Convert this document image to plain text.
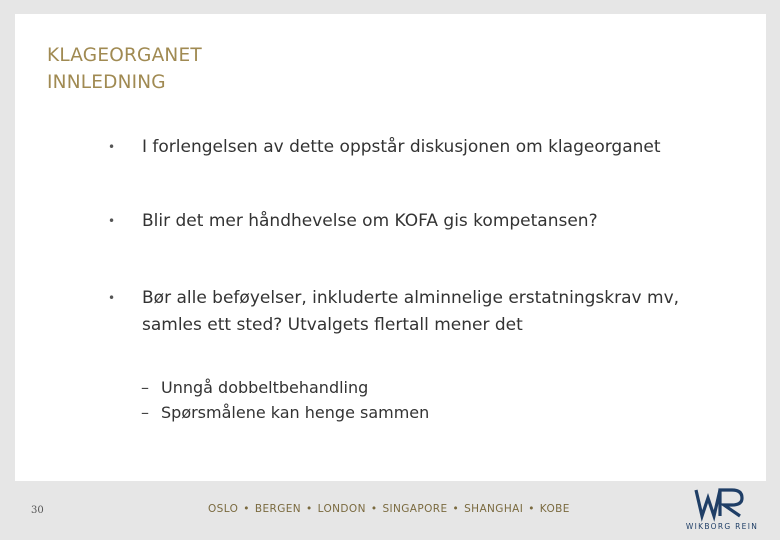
KLAGEORGANET
INNLEDNING
• I forlengelsen av dette oppstår diskusjonen om klageorganet
• Blir det mer håndhevelse om KOFA gis kompetansen?
• Bør alle beføyelser, inkluderte alminnelige erstatningskrav mv, samles ett sted? Utvalgets flertall mener det
– Unngå dobbeltbehandling
– Spørsmålene kan henge sammen
30	OSLO • BERGEN • LONDON • SINGAPORE • SHANGHAI • KOBE
WIKBORG REIN
